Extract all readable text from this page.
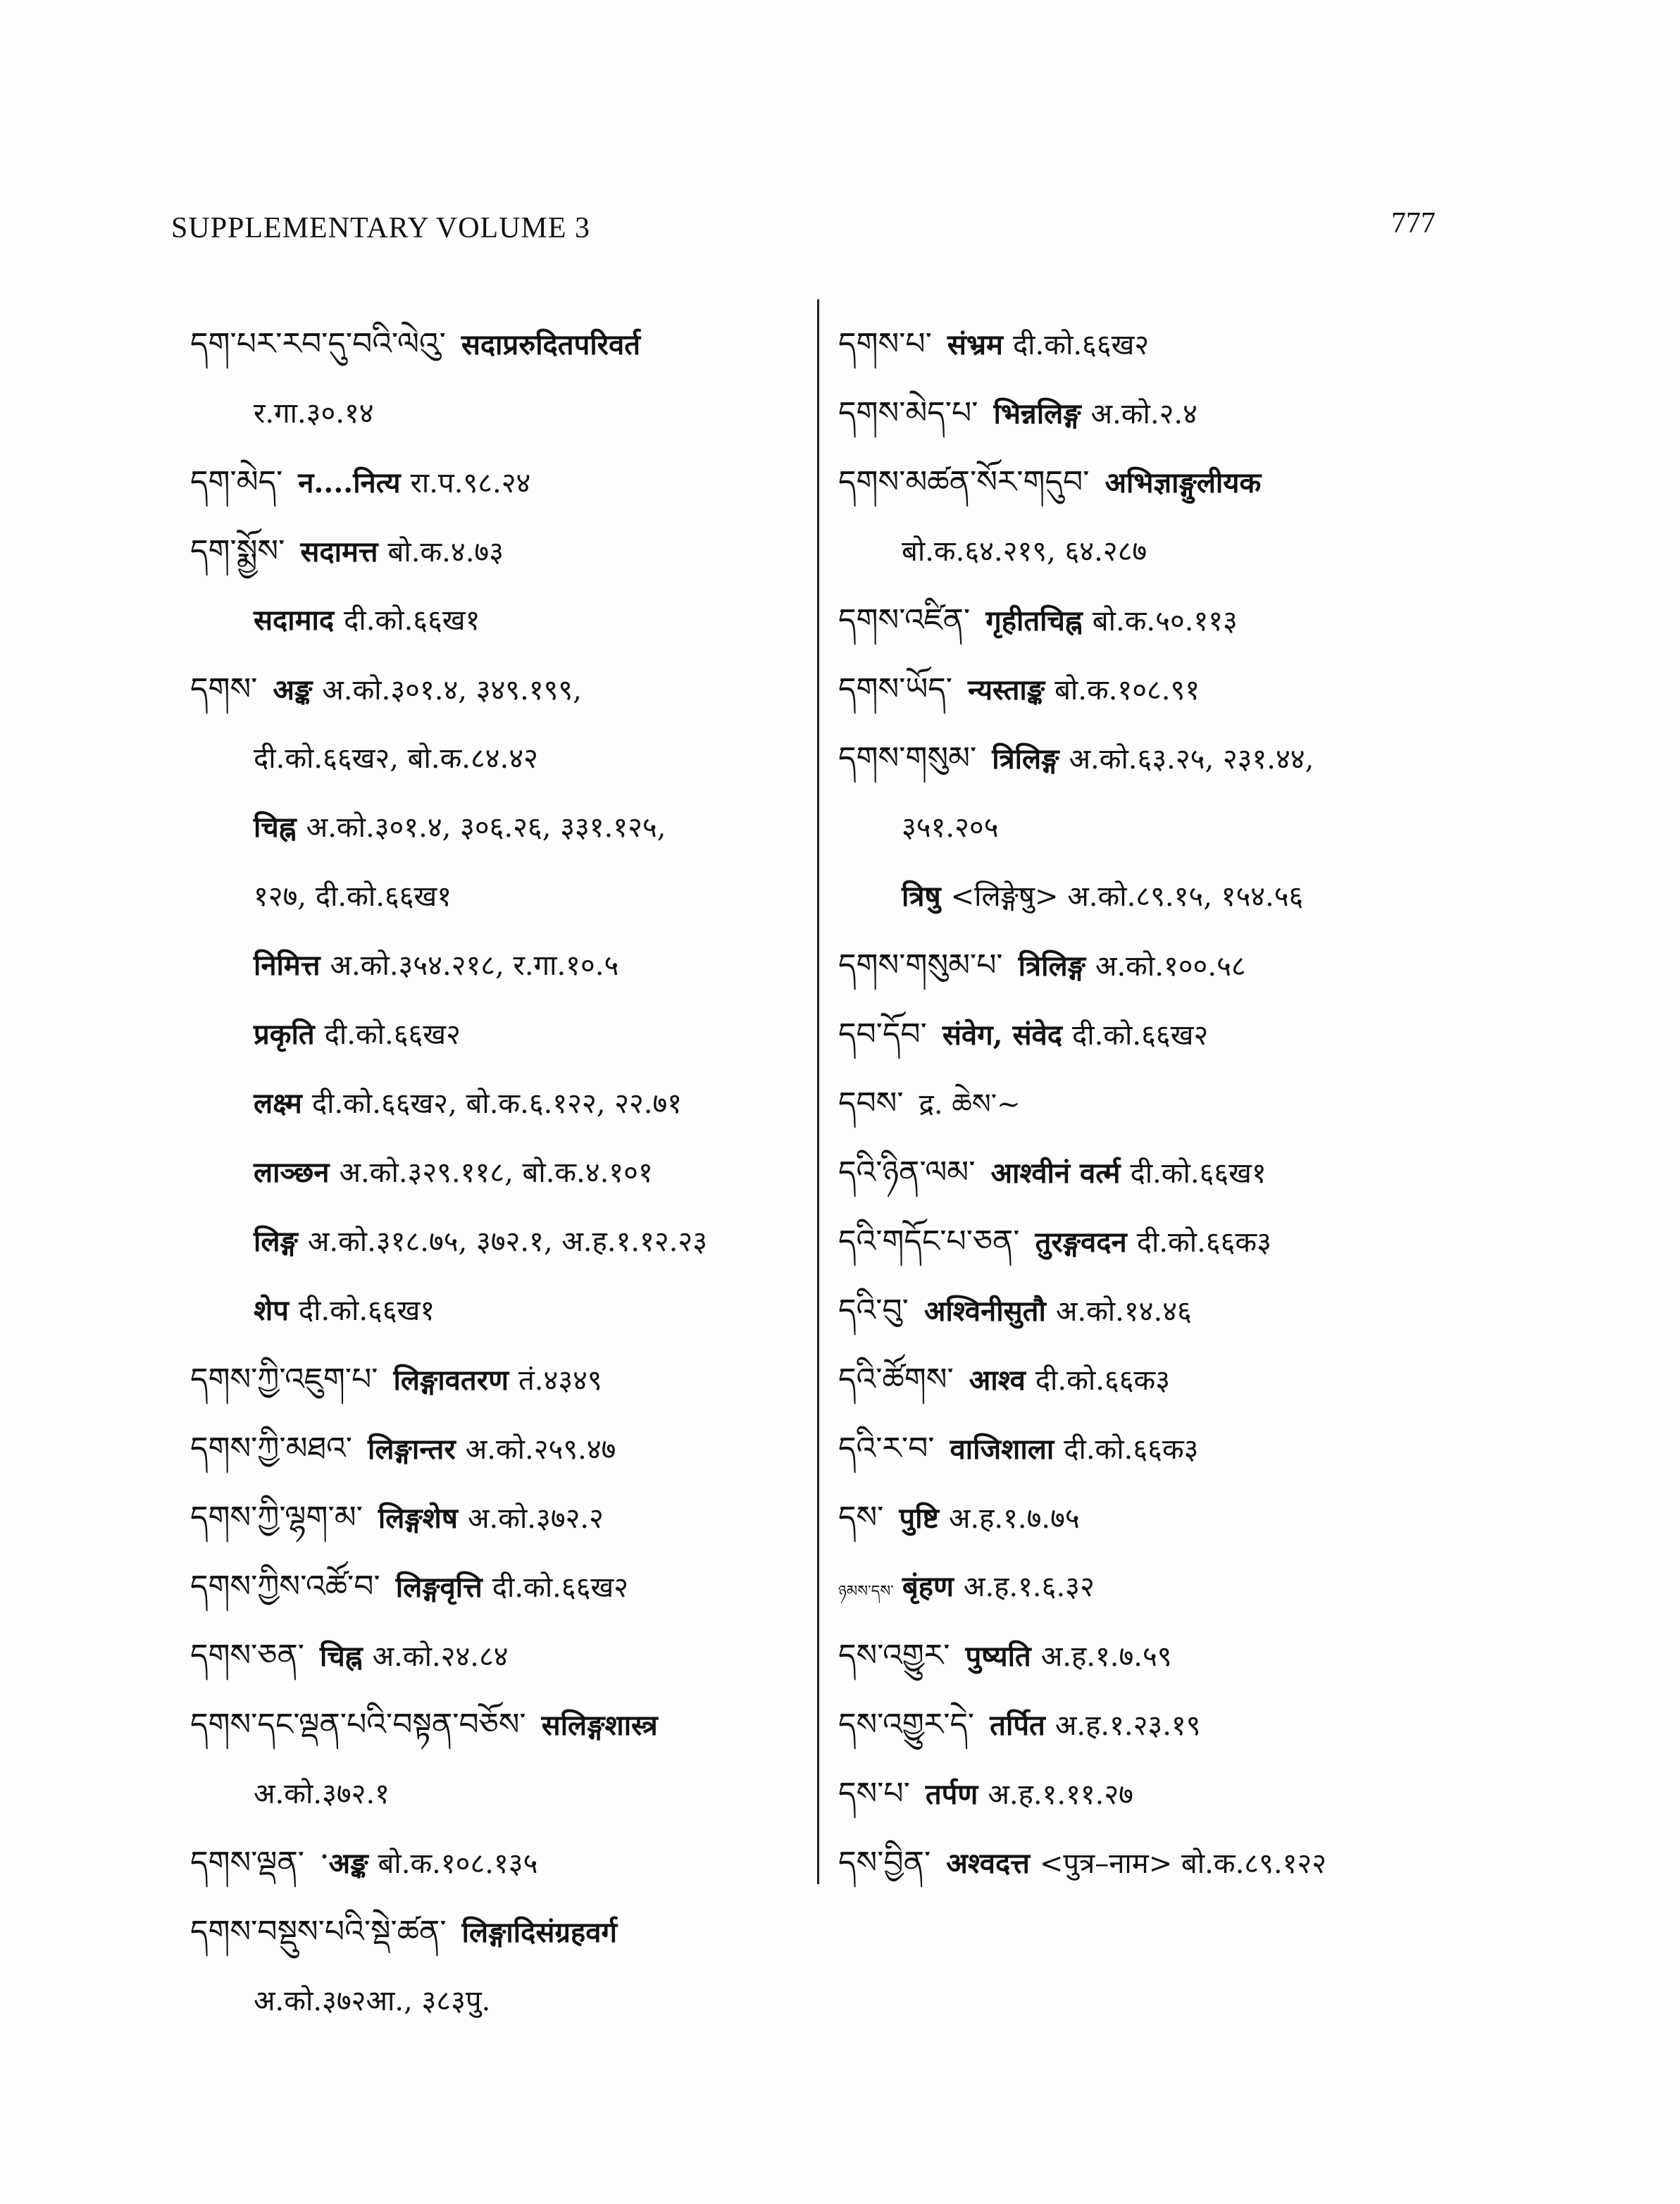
SUPPLEMENTARY VOLUME 3	777
དག་པར་རབ་དུ་བའི་ལེའུ་ सदाप्ररुदितपरिवर्त
र.गा.३०.१४
དག་མེད་ न....नित्य रा.प.९८.२४
དག་སྨྱོས་ सदामत्त बो.क.४.७३
सदामाद दी.को.६६ख१
དགས་ अङ्क अ.को.३०१.४, ३४९.१९९,
दी.को.६६ख२, बो.क.८४.४२
चिह्न अ.को.३०१.४, ३०६.२६, ३३१.१२५,
१२७, दी.को.६६ख१
निमित्त अ.को.३५४.२१८, र.गा.१०.५
प्रकृति दी.को.६६ख२
लक्ष्म दी.को.६६ख२, बो.क.६.१२२, २२.७१
लाञ्छन अ.को.३२९.११८, बो.क.४.१०१
लिङ्ग अ.को.३१८.७५, ३७२.१, अ.ह.१.१२.२३
शेप दी.को.६६ख१
དགས་ཀྱི་འཇུག་པ་ लिङ्गावतरण तं.४३४९
དགས་ཀྱི་མཐའ་ लिङ्गान्तर अ.को.२५९.४७
དགས་ཀྱི་ལྷག་མ་ लिङ्गशेष अ.को.३७२.२
དགས་ཀྱིས་འཚོ་བ་ लिङ्गवृत्ति दी.को.६६ख२
དགས་ཅན་ चिह्न अ.को.२४.८४
དགས་དང་ལྡན་པའི་བསྟན་བཅོས་ सलिङ्गशास्त्र
अ.को.३७२.१
དགས་ལྡན་ ॱअङ्क बो.क.१०८.१३५
དགས་བསྡུས་པའི་སྡེ་ཚན་ लिङ्गादिसंग्रहवर्ग
अ.को.३७२आ., ३८३पु.
དགས་པ་ संभ्रम दी.को.६६ख२
དགས་མེད་པ་ भिन्नलिङ्ग अ.को.२.४
དགས་མཚན་སོར་གདུབ་ अभिज्ञाङ्गुलीयक
बो.क.६४.२१९, ६४.२८७
དགས་འཛིན་ गृहीतचिह्न बो.क.५०.११३
དགས་ཡོད་ न्यस्ताङ्क बो.क.१०८.९१
དགས་གསུམ་ त्रिलिङ्ग अ.को.६३.२५, २३१.४४,
३५१.२०५
त्रिषु <लिङ्गेषु> अ.को.८९.१५, १५४.५६
དགས་གསུམ་པ་ त्रिलिङ्ग अ.को.१००.५८
དབ་དོབ་ संवेग, संवेद दी.को.६६ख२
དབས་ द्र. ཆེས་~
དའི་ཉིན་ལམ་ आश्वीनं वर्त्म दी.को.६६ख१
དའི་གདོང་པ་ཅན་ तुरङ्गवदन दी.को.६६क३
དའི་བུ་ अश्विनीसुतौ अ.को.१४.४६
དའི་ཚོགས་ आश्व दी.को.६६क३
དའི་ར་བ་ वाजिशाला दी.को.६६क३
དས་ पुष्टि अ.ह.१.७.७५
ཉམས་དས་ बृंहण अ.ह.१.६.३२
དས་འགྱུར་ पुष्यति अ.ह.१.७.५९
དས་འགྱུར་དེ་ तर्पित अ.ह.१.२३.१९
དས་པ་ तर्पण अ.ह.१.११.२७
དས་བྱིན་ अश्वदत्त <पुत्र–नाम> बो.क.८९.१२२
